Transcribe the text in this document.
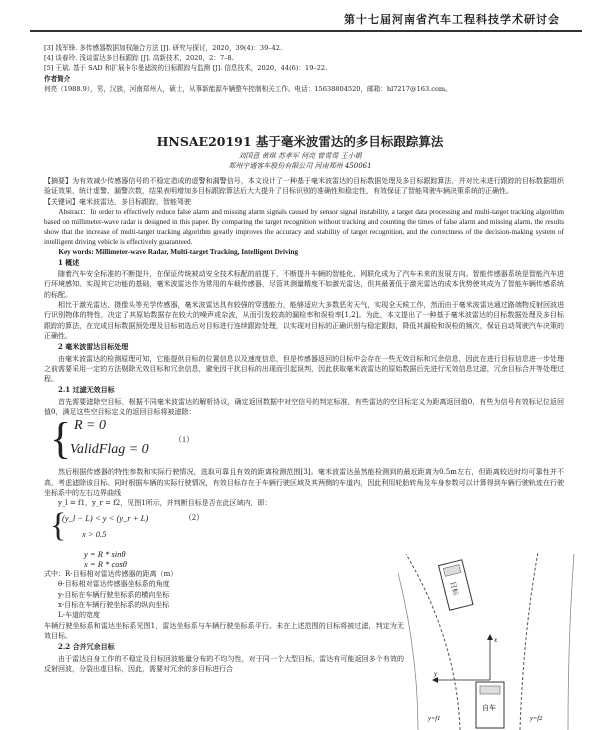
第十七届河南省汽车工程科技学术研讨会

[3] 钱军锋. 多传感器数据加权融合方法 [J]. 研究与探讨，2020，39(4)：39–42.

[4] 谈春玲. 浅谈雷达多目标跟踪 [J]. 高新技术，2020，2：7–8.

[5] 王斌. 基于 SAD 和扩展卡尔曼滤波的目标跟踪与监测 [J]. 信息技术，2020，44(6)：19–22.

作者简介

何亮（1988.9），男，汉族，河南郑州人，硕士，从事新能源车辆整车控制相关工作。电话：15638804520，邮箱：hl7217@163.com。

HNSAE20191 基于毫米波雷达的多目标跟踪算法
刘国意 黄琪 苏孝军 何亮 曾莺莺 王小娟
郑州宇通客车股份有限公司 河南郑州 450061

【摘要】为有效减少传感器信号的不稳定造成的虚警和漏警信号，本文设计了一种基于毫米波雷达的目标数据处理及多目标跟踪算法，并对比未进行跟踪的目标数据组织验证效果，统计虚警、漏警次数，结果表明增加多目标跟踪算法后大大提升了目标识别的准确性和稳定性，有效保证了智能驾驶车辆决策系统的正确性。

【关键词】毫米波雷达，多目标跟踪，智能驾驶

Abstract：In order to effectively reduce false alarm and missing alarm signals caused by sensor signal instability, a target data processing and multi-target tracking algorithm based on millimeter-wave radar is designed in this paper. By comparing the target recognition without tracking and counting the times of false alarm and missing alarm, the results show that the increase of multi-target tracking algorithm greatly improves the accuracy and stability of target recognition, and the correctness of the decision-making system of intelligent driving vehicle is effectively guaranteed.

Key words: Millimeter-wave Radar, Multi-target Tracking, Intelligent Driving

1 概述

随着汽车安全标准的不断提升，在保证传统被动安全技术标配的前提下，不断提升车辆的智能化、网联化成为了汽车未来的发展方向。智能传感器系统是智能汽车进行环境感知、实现其它功能的基础，毫米波雷达作为常用的车载传感器，尽管其测量精度不如激光雷达，但其最著低于激光雷达的成本优势使其成为了智能车辆传感系统的标配。

相比于激光雷达、摄像头等光学传感器，毫米波雷达具有较强的穿透能力，能够适应大多数恶劣天气，实现全天候工作，然而由于毫米波雷达通过路端物反射回波进行识别物体的特性，决定了其原始数据存在较大的噪声或杂波，从而引发较高的漏检率和误检率[1,2]。为此，本文提出了一种基于毫米波雷达的目标数据处理及多目标跟踪的算法，在完成目标数据预处理及目标初选后对目标进行连续跟踪处理，以实现对目标的正确识别与稳定跟踪，降低其漏检和误检的频次，保证自动驾驶汽车决策的正确性。

2 毫米波雷达目标处理

由毫米波雷达的检测原理可知，它能提供目标的位置信息以及速度信息，但是传感器返回的目标中会存在一些无效目标和冗余信息，因此在进行目标信息进一步处理之前需要采用一定的方法剔除无效目标和冗余信息，避免因干扰目标的出现而引起误判，因此获取毫米波雷达的原始数据后先进行无效信息过滤，冗余目标合并等处理过程。

2.1 过滤无效目标

首先需要滤除空目标，根据不同毫米波雷达的解析协议，确定返回数据中对空信号的判定标准，有些雷达的空目标定义为距离返回值0，有些为信号有效标记位返回值0，满足这些空目标定义的返回目标将被滤除：

{ R = 0
ValidFlag = 0
（1）

然后根据传感器的特性参数和实际行驶情况，选取可靠且有效的距离检测范围[3]。毫米波雷达虽然能检测到的最近距离为0.5m左右，但距离较近时均可靠性并不高，考虑滤除该目标。同时根据车辆的实际行驶情况，有效目标存在于车辆行驶区域及其两侧的车道内，因此利用轮胎转角及车身参数可以计算得到车辆行驶轨迹在行驶坐标系中的左右边界曲线

y_l = f1，y_r = f2，见图1所示，并判断目标是否在此区域内，即：

{
(y_l − L) < y < (y_r + L)
x > 0.5
（2）

y = R * sinθ

x = R * cosθ

式中：R-目标相对雷达传感器的距离（m）

θ-目标相对雷达传感器坐标系的角度

y-目标在车辆行驶坐标系的横向坐标

x-目标在车辆行驶坐标系的纵向坐标

L-车道的宽度

车辆行驶坐标系和雷达坐标系见图1，雷达坐标系与车辆行驶坐标系平行。未在上述范围的目标将被过滤，判定为无效目标。

2.2 合并冗余目标

由于雷达自身工作的不稳定及目标回波能量分布的不均匀性，对于同一个大型目标，雷达有可能返回多个有效的反射回波，分裂出虚目标，因此，需要对冗余的多目标进行合

目标
x
y
自车
y=f1	y=f2
